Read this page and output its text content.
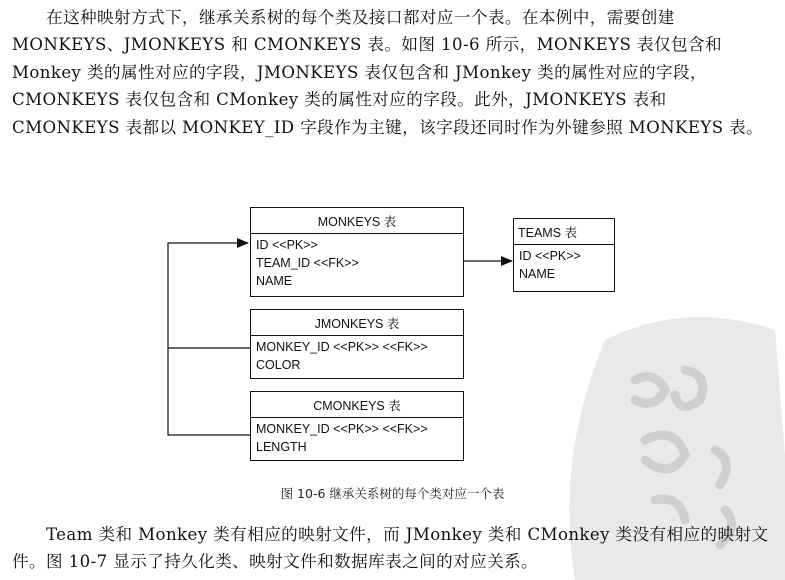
在这种映射方式下，继承关系树的每个类及接口都对应一个表。在本例中，需要创建 MONKEYS、JMONKEYS 和 CMONKEYS 表。如图 10-6 所示，MONKEYS 表仅包含和 Monkey 类的属性对应的字段，JMONKEYS 表仅包含和 JMonkey 类的属性对应的字段，CMONKEYS 表仅包含和 CMonkey 类的属性对应的字段。此外，JMONKEYS 表和 CMONKEYS 表都以 MONKEY_ID 字段作为主键，该字段还同时作为外键参照 MONKEYS 表。

MONKEYS 表
ID <<PK>>
TEAM_ID <<FK>>
NAME
TEAMS 表
ID <<PK>>
NAME
JMONKEYS 表
MONKEY_ID <<PK>> <<FK>>
COLOR
CMONKEYS 表
MONKEY_ID <<PK>> <<FK>>
LENGTH
图 10-6 继承关系树的每个类对应一个表

Team 类和 Monkey 类有相应的映射文件，而 JMonkey 类和 CMonkey 类没有相应的映射文件。图 10-7 显示了持久化类、映射文件和数据库表之间的对应关系。
